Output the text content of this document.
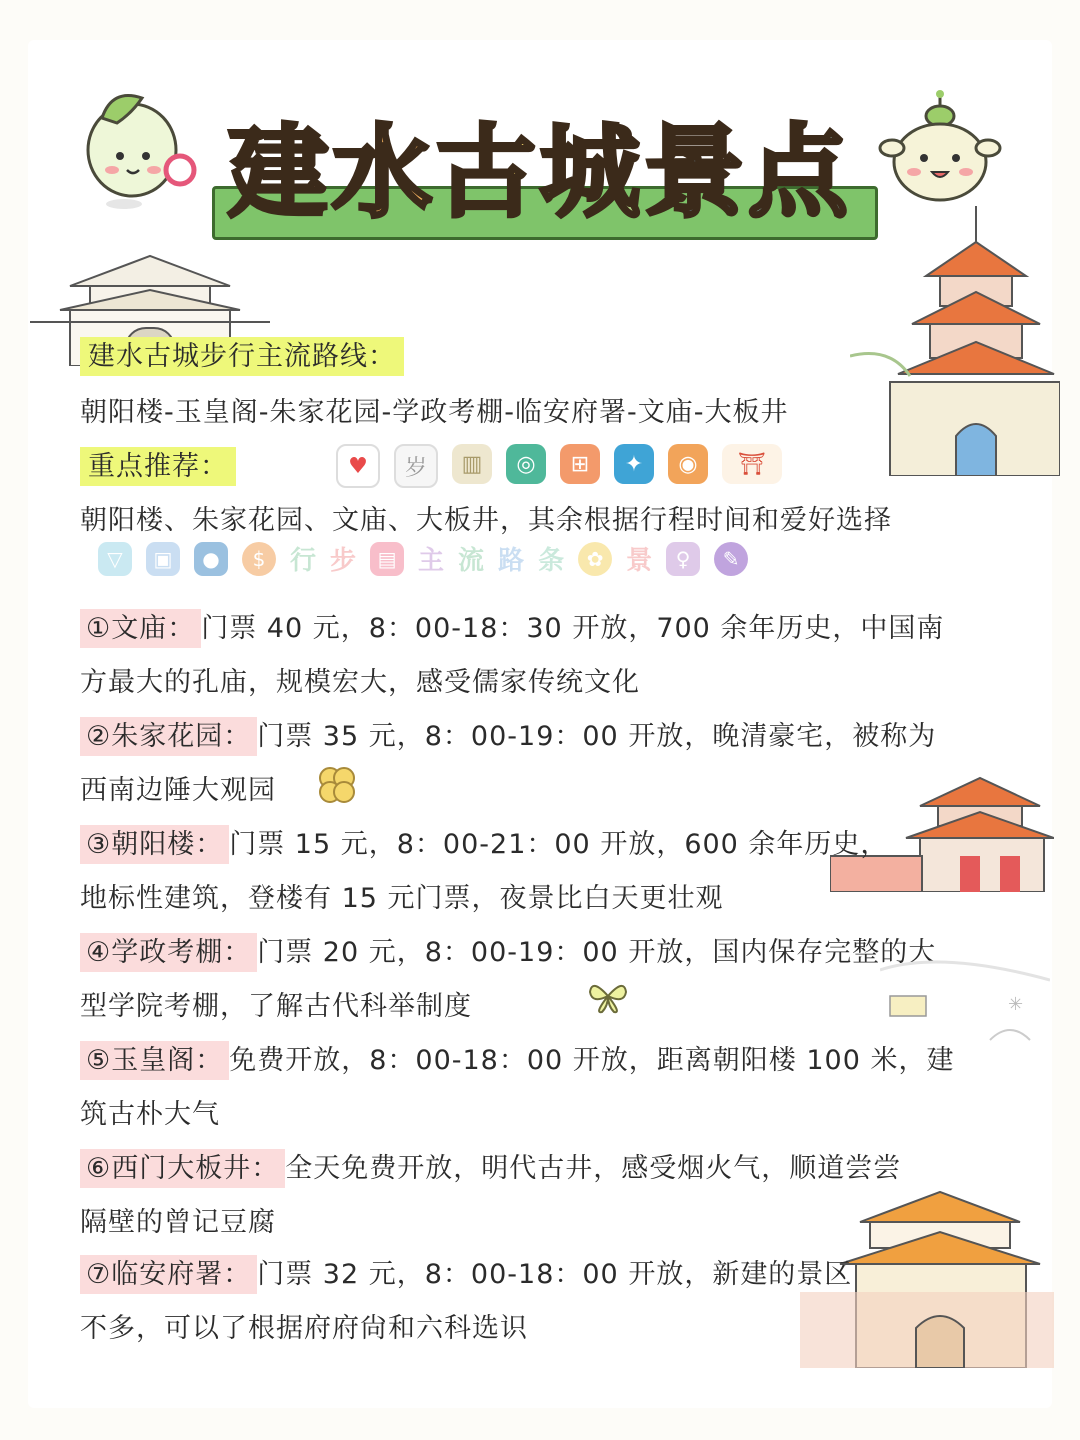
建水古城景点
建水古城步行主流路线：
朝阳楼-玉皇阁-朱家花园-学政考棚-临安府署-文庙-大板井
重点推荐：	♥	岁	▥	◎	⊞	✦	◉	⛩
朝阳楼、朱家花园、文庙、大板井，其余根据行程时间和爱好选择
▽	▣	●	$ 行 步	▤ 主 流 路 条	✿ 景	♀	✎
①文庙： 门票 40 元，8：00-18：30 开放，700 余年历史，中国南
方最大的孔庙，规模宏大，感受儒家传统文化
②朱家花园： 门票 35 元，8：00-19：00 开放，晚清豪宅，被称为
西南边陲大观园
③朝阳楼： 门票 15 元，8：00-21：00 开放，600 余年历史，
地标性建筑，登楼有 15 元门票，夜景比白天更壮观
④学政考棚： 门票 20 元，8：00-19：00 开放，国内保存完整的大
型学院考棚，了解古代科举制度	✳
⑤玉皇阁： 免费开放，8：00-18：00 开放，距离朝阳楼 100 米，建
筑古朴大气
⑥西门大板井： 全天免费开放，明代古井，感受烟火气，顺道尝尝
隔壁的曾记豆腐
⑦临安府署： 门票 32 元，8：00-18：00 开放，新建的景区
不多，可以了根据府府尙和六科选识
